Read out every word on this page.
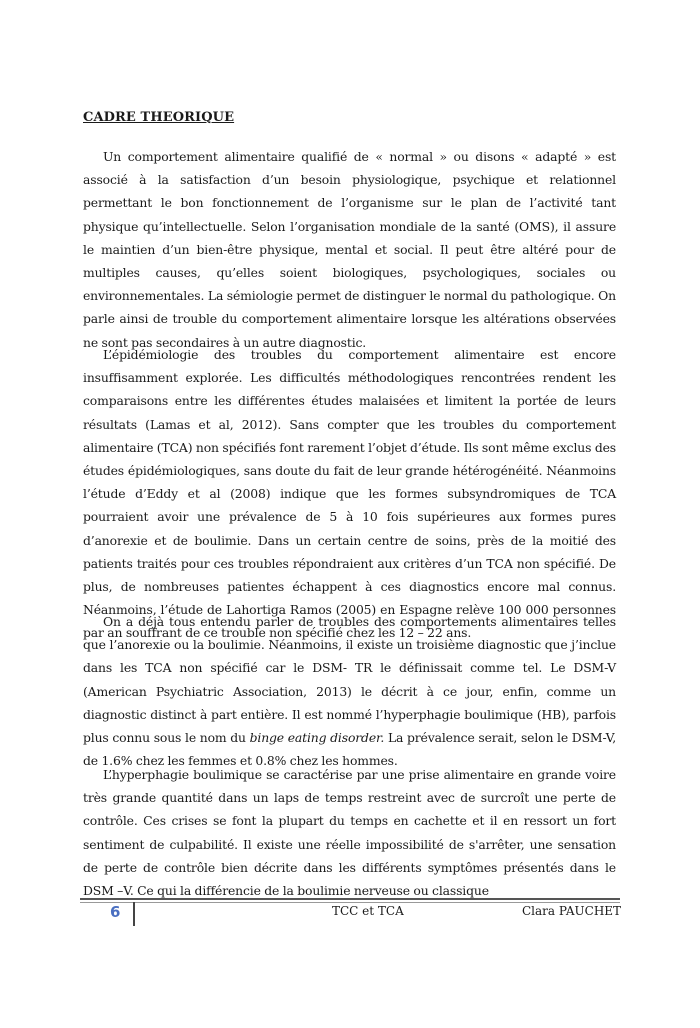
CADRE THEORIQUE

Un comportement alimentaire qualifié de « normal » ou disons « adapté » est associé à la satisfaction d’un besoin physiologique, psychique et relationnel permettant le bon fonctionnement de l’organisme sur le plan de l’activité tant physique qu’intellectuelle. Selon l’organisation mondiale de la santé (OMS), il assure le maintien d’un bien-être physique, mental et social. Il peut être altéré pour de multiples causes, qu’elles soient biologiques, psychologiques, sociales ou environnementales. La sémiologie permet de distinguer le normal du pathologique. On parle ainsi de trouble du comportement alimentaire lorsque les altérations observées ne sont pas secondaires à un autre diagnostic.

L’épidémiologie des troubles du comportement alimentaire est encore insuffisamment explorée. Les difficultés méthodologiques rencontrées rendent les comparaisons entre les différentes études malaisées et limitent la portée de leurs résultats (Lamas et al, 2012). Sans compter que les troubles du comportement alimentaire (TCA) non spécifiés font rarement l’objet d’étude. Ils sont même exclus des études épidémiologiques, sans doute du fait de leur grande hétérogénéité. Néanmoins l’étude d’Eddy et al (2008) indique que les formes subsyndromiques de TCA pourraient avoir une prévalence de 5 à 10 fois supérieures aux formes pures d’anorexie et de boulimie. Dans un certain centre de soins, près de la moitié des patients traités pour ces troubles répondraient aux critères d’un TCA non spécifié. De plus, de nombreuses patientes échappent à ces diagnostics encore mal connus. Néanmoins, l’étude de Lahortiga Ramos (2005) en Espagne relève 100 000 personnes par an souffrant de ce trouble non spécifié chez les 12 – 22 ans.

On a déjà tous entendu parler de troubles des comportements alimentaires telles que l’anorexie ou la boulimie. Néanmoins, il existe un troisième diagnostic que j’inclue dans les TCA non spécifié car le DSM- TR le définissait comme tel. Le DSM-V (American Psychiatric Association, 2013) le décrit à ce jour, enfin, comme un diagnostic distinct à part entière. Il est nommé l’hyperphagie boulimique (HB), parfois plus connu sous le nom du binge eating disorder. La prévalence serait, selon le DSM-V, de 1.6% chez les femmes et 0.8% chez les hommes.

L’hyperphagie boulimique se caractérise par une prise alimentaire en grande voire très grande quantité dans un laps de temps restreint avec de surcroît une perte de contrôle. Ces crises se font la plupart du temps en cachette et il en ressort un fort sentiment de culpabilité. Il existe une réelle impossibilité de s'arrêter, une sensation de perte de contrôle bien décrite dans les différents symptômes présentés dans le DSM –V. Ce qui la différencie de la boulimie nerveuse ou classique

6	TCC et TCA	Clara PAUCHET
